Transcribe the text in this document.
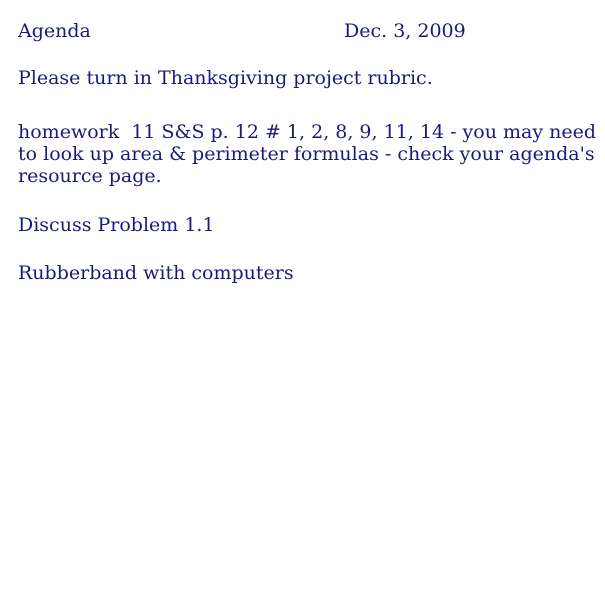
Agenda	Dec. 3, 2009
Please turn in Thanksgiving project rubric.
homework  11 S&S p. 12 # 1, 2, 8, 9, 11, 14 - you may need
to look up area & perimeter formulas - check your agenda's
resource page.
Discuss Problem 1.1
Rubberband with computers
